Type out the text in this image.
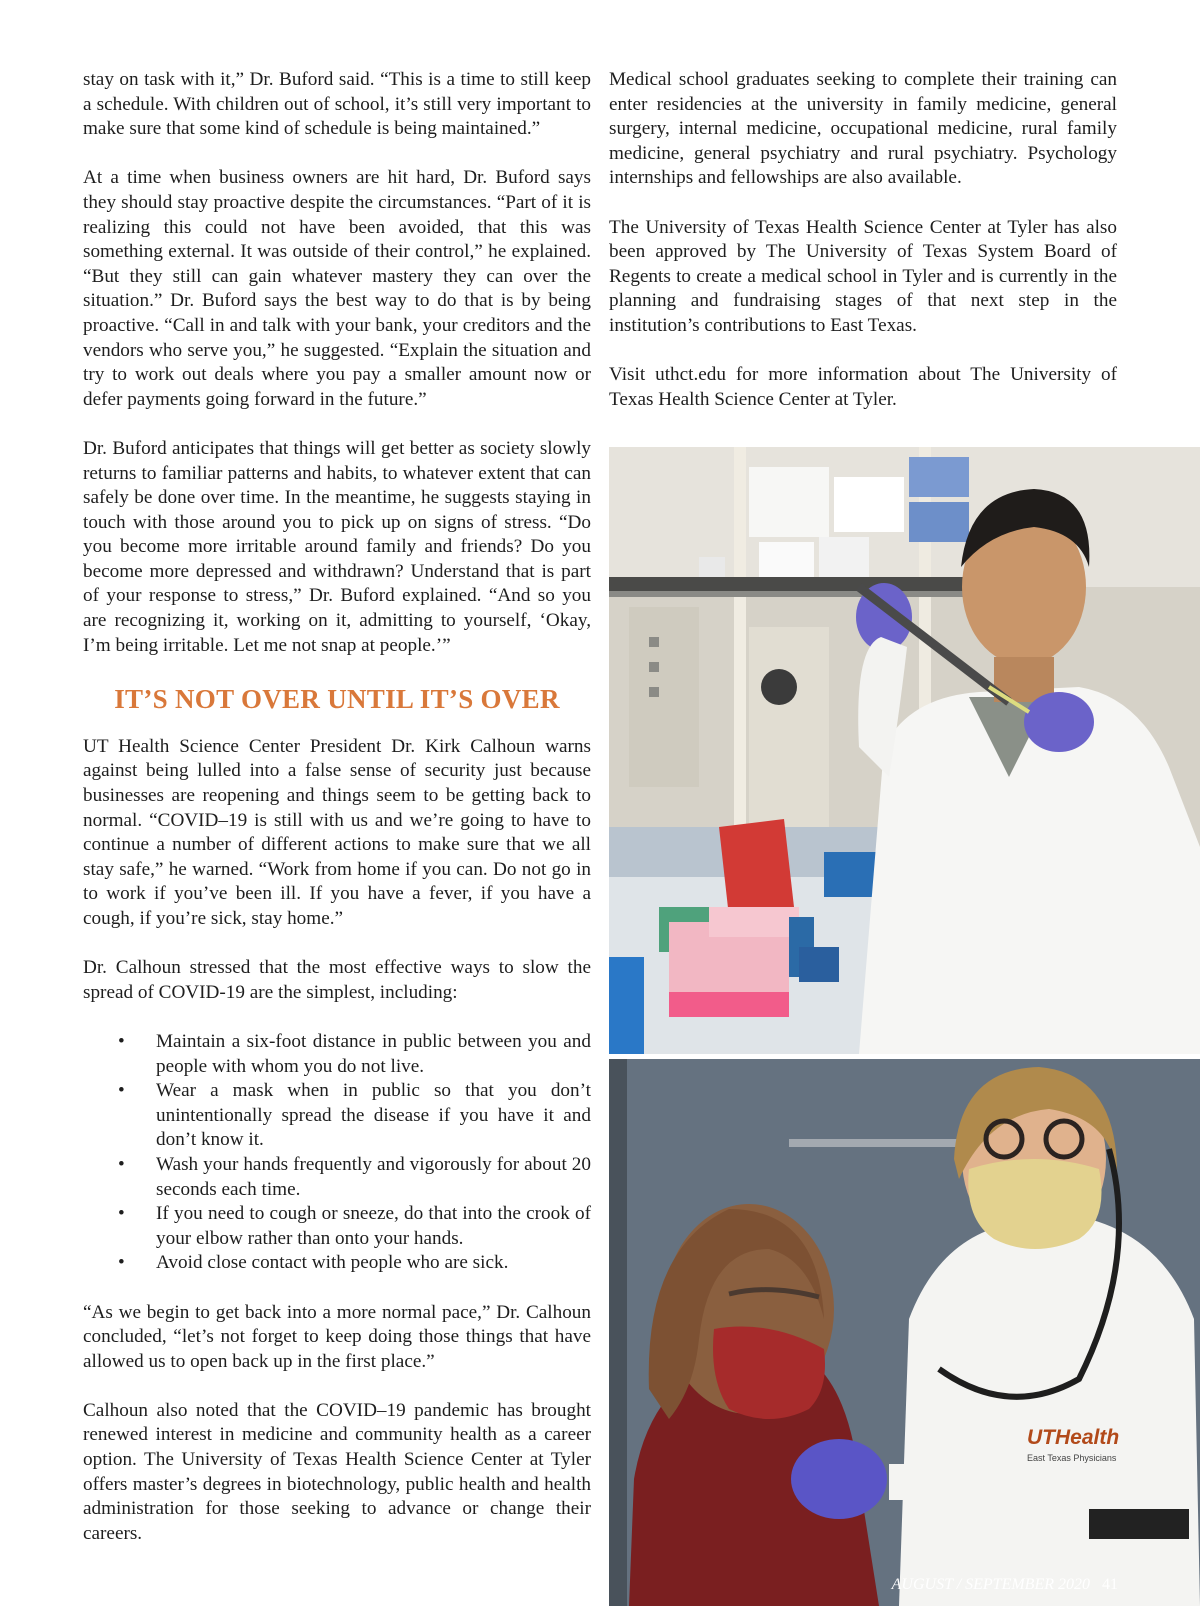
stay on task with it,” Dr. Buford said. “This is a time to still keep a schedule. With children out of school, it’s still very important to make sure that some kind of schedule is being maintained.”

At a time when business owners are hit hard, Dr. Buford says they should stay proactive despite the circumstances. “Part of it is realizing this could not have been avoided, that this was something external. It was outside of their control,” he explained. “But they still can gain whatever mastery they can over the situation.” Dr. Buford says the best way to do that is by being proactive. “Call in and talk with your bank, your creditors and the vendors who serve you,” he suggested. “Explain the situation and try to work out deals where you pay a smaller amount now or defer payments going forward in the future.”

Dr. Buford anticipates that things will get better as society slowly returns to familiar patterns and habits, to whatever extent that can safely be done over time. In the meantime, he suggests staying in touch with those around you to pick up on signs of stress. “Do you become more irritable around family and friends? Do you become more depressed and withdrawn? Understand that is part of your response to stress,” Dr. Buford explained. “And so you are recognizing it, working on it, admitting to yourself, ‘Okay, I’m being irritable. Let me not snap at people.’”

IT’S NOT OVER UNTIL IT’S OVER

UT Health Science Center President Dr. Kirk Calhoun warns against being lulled into a false sense of security just because businesses are reopening and things seem to be getting back to normal. “COVID–19 is still with us and we’re going to have to continue a number of different actions to make sure that we all stay safe,” he warned. “Work from home if you can. Do not go in to work if you’ve been ill. If you have a fever, if you have a cough, if you’re sick, stay home.”

Dr. Calhoun stressed that the most effective ways to slow the spread of COVID-19 are the simplest, including:

• Maintain a six-foot distance in public between you and people with whom you do not live.
• Wear a mask when in public so that you don’t unintentionally spread the disease if you have it and don’t know it.
• Wash your hands frequently and vigorously for about 20 seconds each time.
• If you need to cough or sneeze, do that into the crook of your elbow rather than onto your hands.
• Avoid close contact with people who are sick.

“As we begin to get back into a more normal pace,” Dr. Calhoun concluded, “let’s not forget to keep doing those things that have allowed us to open back up in the first place.”

Calhoun also noted that the COVID–19 pandemic has brought renewed interest in medicine and community health as a career option. The University of Texas Health Science Center at Tyler offers master’s degrees in biotechnology, public health and health administration for those seeking to advance or change their careers.

Medical school graduates seeking to complete their training can enter residencies at the university in family medicine, general surgery, internal medicine, occupational medicine, rural family medicine, general psychiatry and rural psychiatry. Psychology internships and fellowships are also available.

The University of Texas Health Science Center at Tyler has also been approved by The University of Texas System Board of Regents to create a medical school in Tyler and is currently in the planning and fundraising stages of that next step in the institution’s contributions to East Texas.

Visit uthct.edu for more information about The University of Texas Health Science Center at Tyler.

UTHealth
East Texas Physicians
AUGUST / SEPTEMBER 2020 41
